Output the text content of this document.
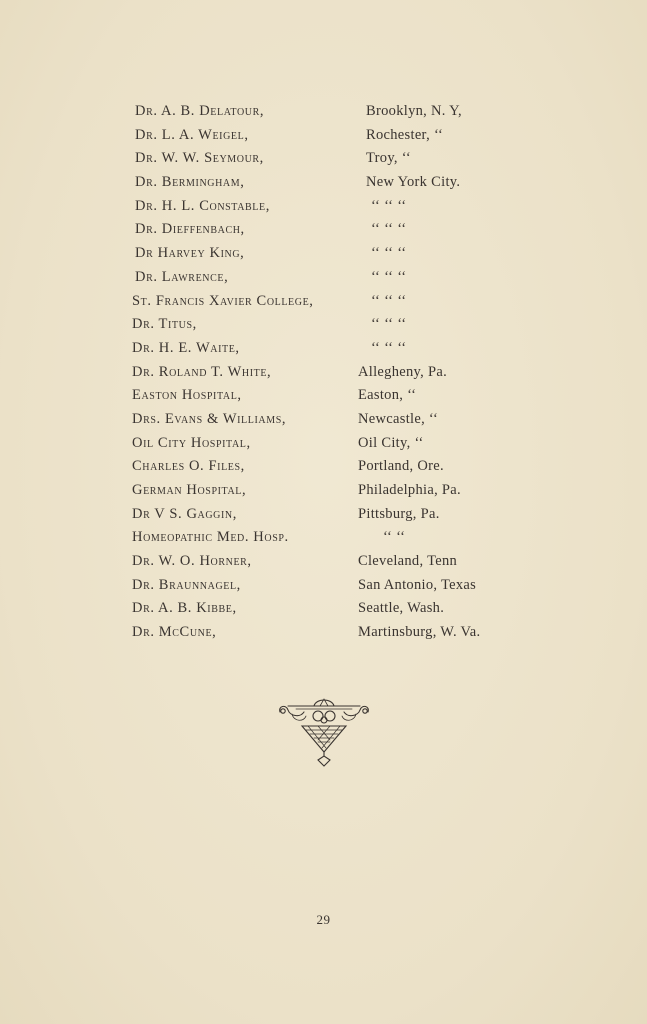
Dr. A. B. Delatour,	Brooklyn, N. Y,
Dr. L. A. Weigel,	Rochester, ‘‘
Dr. W. W. Seymour,	Troy, ‘‘
Dr. Bermingham,	New York City.
Dr. H. L. Constable,	‘‘ ‘‘ ‘‘
Dr. Dieffenbach,	‘‘ ‘‘ ‘‘
Dr Harvey King,	‘‘ ‘‘ ‘‘
Dr. Lawrence,	‘‘ ‘‘ ‘‘
St. Francis Xavier College,	‘‘ ‘‘ ‘‘
Dr. Titus,	‘‘ ‘‘ ‘‘
Dr. H. E. Waite,	‘‘ ‘‘ ‘‘
Dr. Roland T. White,	Allegheny, Pa.
Easton Hospital,	Easton, ‘‘
Drs. Evans & Williams,	Newcastle, ‘‘
Oil City Hospital,	Oil City, ‘‘
Charles O. Files,	Portland, Ore.
German Hospital,	Philadelphia, Pa.
Dr V S. Gaggin,	Pittsburg, Pa.
Homeopathic Med. Hosp.	‘‘ ‘‘
Dr. W. O. Horner,	Cleveland, Tenn
Dr. Braunnagel,	San Antonio, Texas
Dr. A. B. Kibbe,	Seattle, Wash.
Dr. McCune,	Martinsburg, W. Va.
29
